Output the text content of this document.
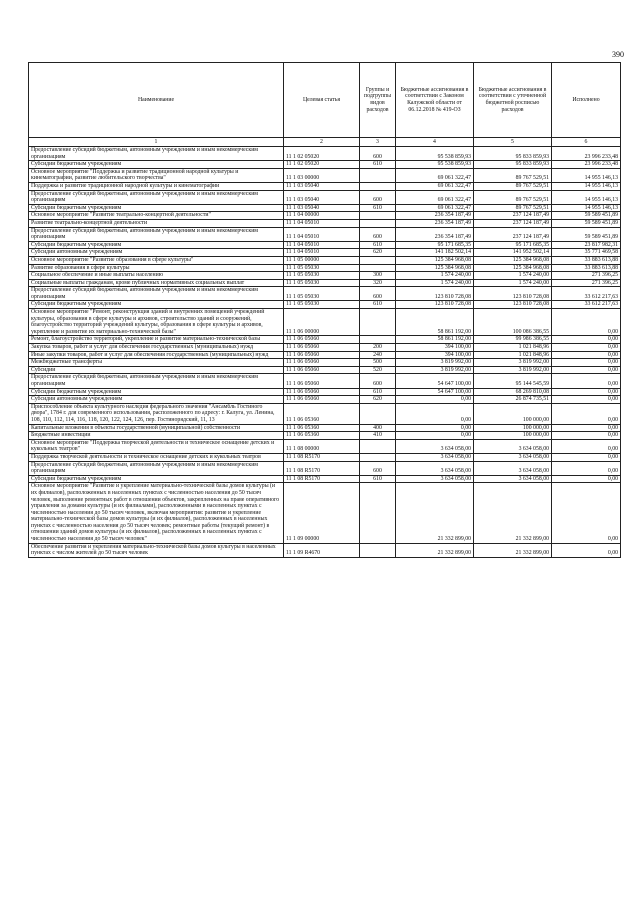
390
Наименование	Целевая статья	Группы и подгруппы видов расходов	Бюджетные ассигнования в соответствии с Законом Калужской области от 06.12.2018 № 419-ОЗ	Бюджетные ассигнования в соответствии с уточненной бюджетной росписью расходов	Исполнено
1	2	3	4	5	6
Предоставление субсидий бюджетным, автономным учреждениям и иным некоммерческим организациям	11 1 02 05020	600	95 538 859,93	95 833 859,93	23 996 233,48
Субсидии бюджетным учреждениям	11 1 02 05020	610	95 538 859,93	95 833 859,93	23 996 233,48
Основное мероприятие "Поддержка и развитие традиционной народной культуры и кинематографии, развитие любительского творчества"	11 1 03 00000		69 061 322,47	89 767 529,51	14 955 146,13
Поддержка и развитие традиционной народной культуры и кинематографии	11 1 03 05040		69 061 322,47	89 767 529,51	14 955 146,13
Предоставление субсидий бюджетным, автономным учреждениям и иным некоммерческим организациям	11 1 03 05040	600	69 061 322,47	89 767 529,51	14 955 146,13
Субсидии бюджетным учреждениям	11 1 03 05040	610	69 061 322,47	89 767 529,51	14 955 146,13
Основное мероприятие "Развитие театрально-концертной деятельности"	11 1 04 00000		236 354 187,49	237 124 187,49	59 589 451,89
Развитие театрально-концертной деятельности	11 1 04 05010		236 354 187,49	237 124 187,49	59 589 451,89
Предоставление субсидий бюджетным, автономным учреждениям и иным некоммерческим организациям	11 1 04 05010	600	236 354 187,49	237 124 187,49	59 589 451,89
Субсидии бюджетным учреждениям	11 1 04 05010	610	95 171 685,35	95 171 685,35	23 817 982,31
Субсидии автономным учреждениям	11 1 04 05010	620	141 182 502,14	141 952 502,14	35 771 469,58
Основное мероприятие "Развитие образования в сфере культуры"	11 1 05 00000		125 384 968,08	125 384 968,08	33 883 613,88
Развитие образования в сфере культуры	11 1 05 05030		125 384 968,08	125 384 968,08	33 883 613,88
Социальное обеспечение и иные выплаты населению	11 1 05 05030	300	1 574 240,00	1 574 240,00	271 396,25
Социальные выплаты гражданам, кроме публичных нормативных социальных выплат	11 1 05 05030	320	1 574 240,00	1 574 240,00	271 396,25
Предоставление субсидий бюджетным, автономным учреждениям и иным некоммерческим организациям	11 1 05 05030	600	123 810 728,08	123 810 728,08	33 612 217,63
Субсидии бюджетным учреждениям	11 1 05 05030	610	123 810 728,08	123 810 728,08	33 612 217,63
Основное мероприятие "Ремонт, реконструкция зданий и внутренних помещений учреждений культуры, образования в сфере культуры и архивов, строительство зданий и сооружений, благоустройство территорий учреждений культуры, образования в сфере культуры и архивов, укрепление и развитие их материально-технической базы"	11 1 06 00000		58 861 192,00	100 086 386,55	0,00
Ремонт, благоустройство территорий, укрепление и развитие материально-технической базы	11 1 06 05060		58 861 192,00	99 986 386,55	0,00
Закупка товаров, работ и услуг для обеспечения государственных (муниципальных) нужд	11 1 06 05060	200	394 100,00	1 021 848,96	0,00
Иные закупки товаров, работ и услуг для обеспечения государственных (муниципальных) нужд	11 1 06 05060	240	394 100,00	1 021 848,96	0,00
Межбюджетные трансферты	11 1 06 05060	500	3 819 992,00	3 819 992,00	0,00
Субсидии	11 1 06 05060	520	3 819 992,00	3 819 992,00	0,00
Предоставление субсидий бюджетным, автономным учреждениям и иным некоммерческим организациям	11 1 06 05060	600	54 647 100,00	95 144 545,59	0,00
Субсидии бюджетным учреждениям	11 1 06 05060	610	54 647 100,00	68 269 810,08	0,00
Субсидии автономным учреждениям	11 1 06 05060	620	0,00	26 874 735,51	0,00
Приспособление объекта культурного наследия федерального значения "Ансамбль Гостиного двора", 1784 г. для современного использования, расположенного по адресу: г. Калуга, ул. Ленина, 108, 110, 112, 114, 116, 118, 120, 122, 124, 126, пер. Гостинорядский, 11, 13	11 1 06 05360		0,00	100 000,00	0,00
Капитальные вложения в объекты государственной (муниципальной) собственности	11 1 06 05360	400	0,00	100 000,00	0,00
Бюджетные инвестиции	11 1 06 05360	410	0,00	100 000,00	0,00
Основное мероприятие "Поддержка творческой деятельности и техническое оснащение детских и кукольных театров"	11 1 08 00000		3 634 058,00	3 634 058,00	0,00
Поддержка творческой деятельности и техническое оснащение детских и кукольных театров	11 1 08 R5170		3 634 058,00	3 634 058,00	0,00
Предоставление субсидий бюджетным, автономным учреждениям и иным некоммерческим организациям	11 1 08 R5170	600	3 634 058,00	3 634 058,00	0,00
Субсидии бюджетным учреждениям	11 1 08 R5170	610	3 634 058,00	3 634 058,00	0,00
Основное мероприятие "Развитие и укрепление материально-технической базы домов культуры (и их филиалов), расположенных в населенных пунктах с численностью населения до 50 тысяч человек, выполнение ремонтных работ в отношении объектов, закрепленных на праве оперативного управления за домами культуры (и их филиалами), расположенными в населенных пунктах с численностью населения до 50 тысяч человек, включая мероприятия: развитие и укрепление материально-технической базы домов культуры (и их филиалов), расположенных в населенных пунктах с численностью населения до 50 тысяч человек; ремонтные работы (текущий ремонт) в отношении зданий домов культуры (и их филиалов), расположенных в населенных пунктах с численностью населения до 50 тысяч человек"	11 1 09 00000		21 332 899,00	21 332 899,00	0,00
Обеспечение развития и укрепления материально-технической базы домов культуры в населенных пунктах с числом жителей до 50 тысяч человек	11 1 09 R4670		21 332 899,00	21 332 899,00	0,00
